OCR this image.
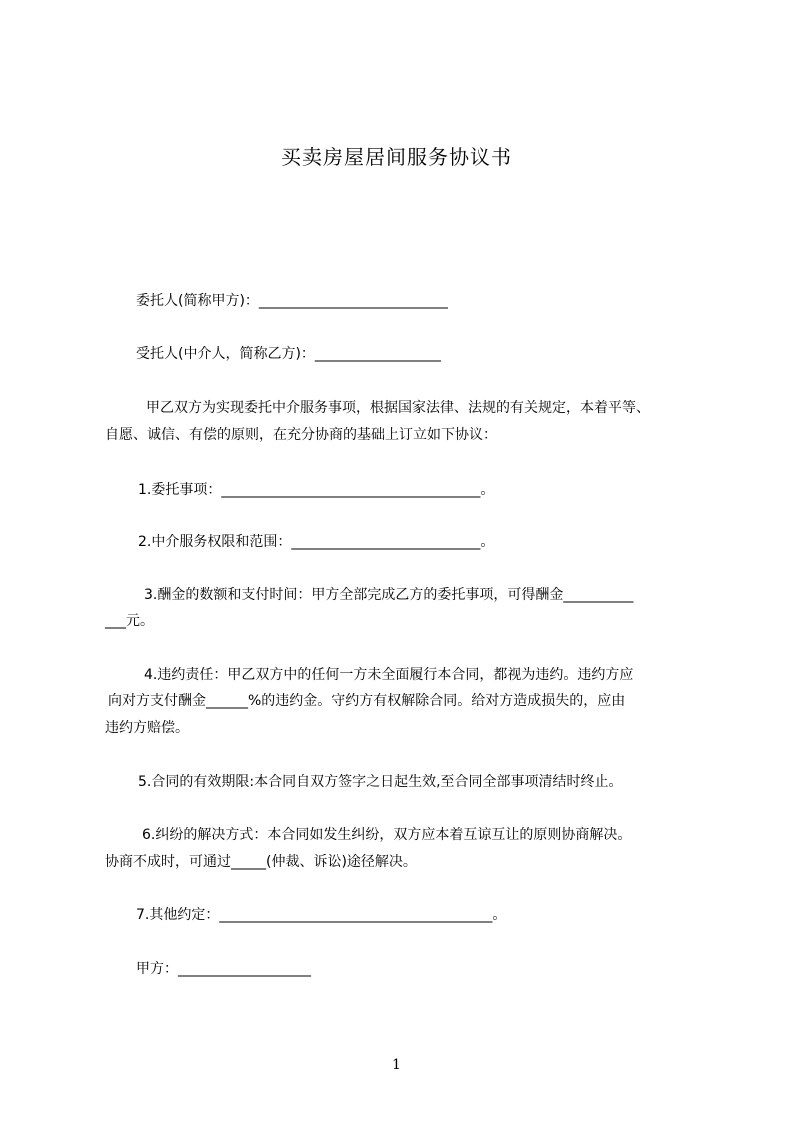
买卖房屋居间服务协议书
委托人(简称甲方)：___________________________
受托人(中介人，简称乙方)：__________________
甲乙双方为实现委托中介服务事项，根据国家法律、法规的有关规定，本着平等、
自愿、诚信、有偿的原则，在充分协商的基础上订立如下协议：
1.委托事项：_____________________________________。
2.中介服务权限和范围：___________________________。
3.酬金的数额和支付时间：甲方全部完成乙方的委托事项，可得酬金__________
___元。
4.违约责任：甲乙双方中的任何一方未全面履行本合同，都视为违约。违约方应
向对方支付酬金______%的违约金。守约方有权解除合同。给对方造成损失的，应由
违约方赔偿。
5.合同的有效期限:本合同自双方签字之日起生效,至合同全部事项清结时终止。
6.纠纷的解决方式：本合同如发生纠纷，双方应本着互谅互让的原则协商解决。
协商不成时，可通过_____(仲裁、诉讼)途径解决。
7.其他约定：_______________________________________。
甲方：___________________
1
